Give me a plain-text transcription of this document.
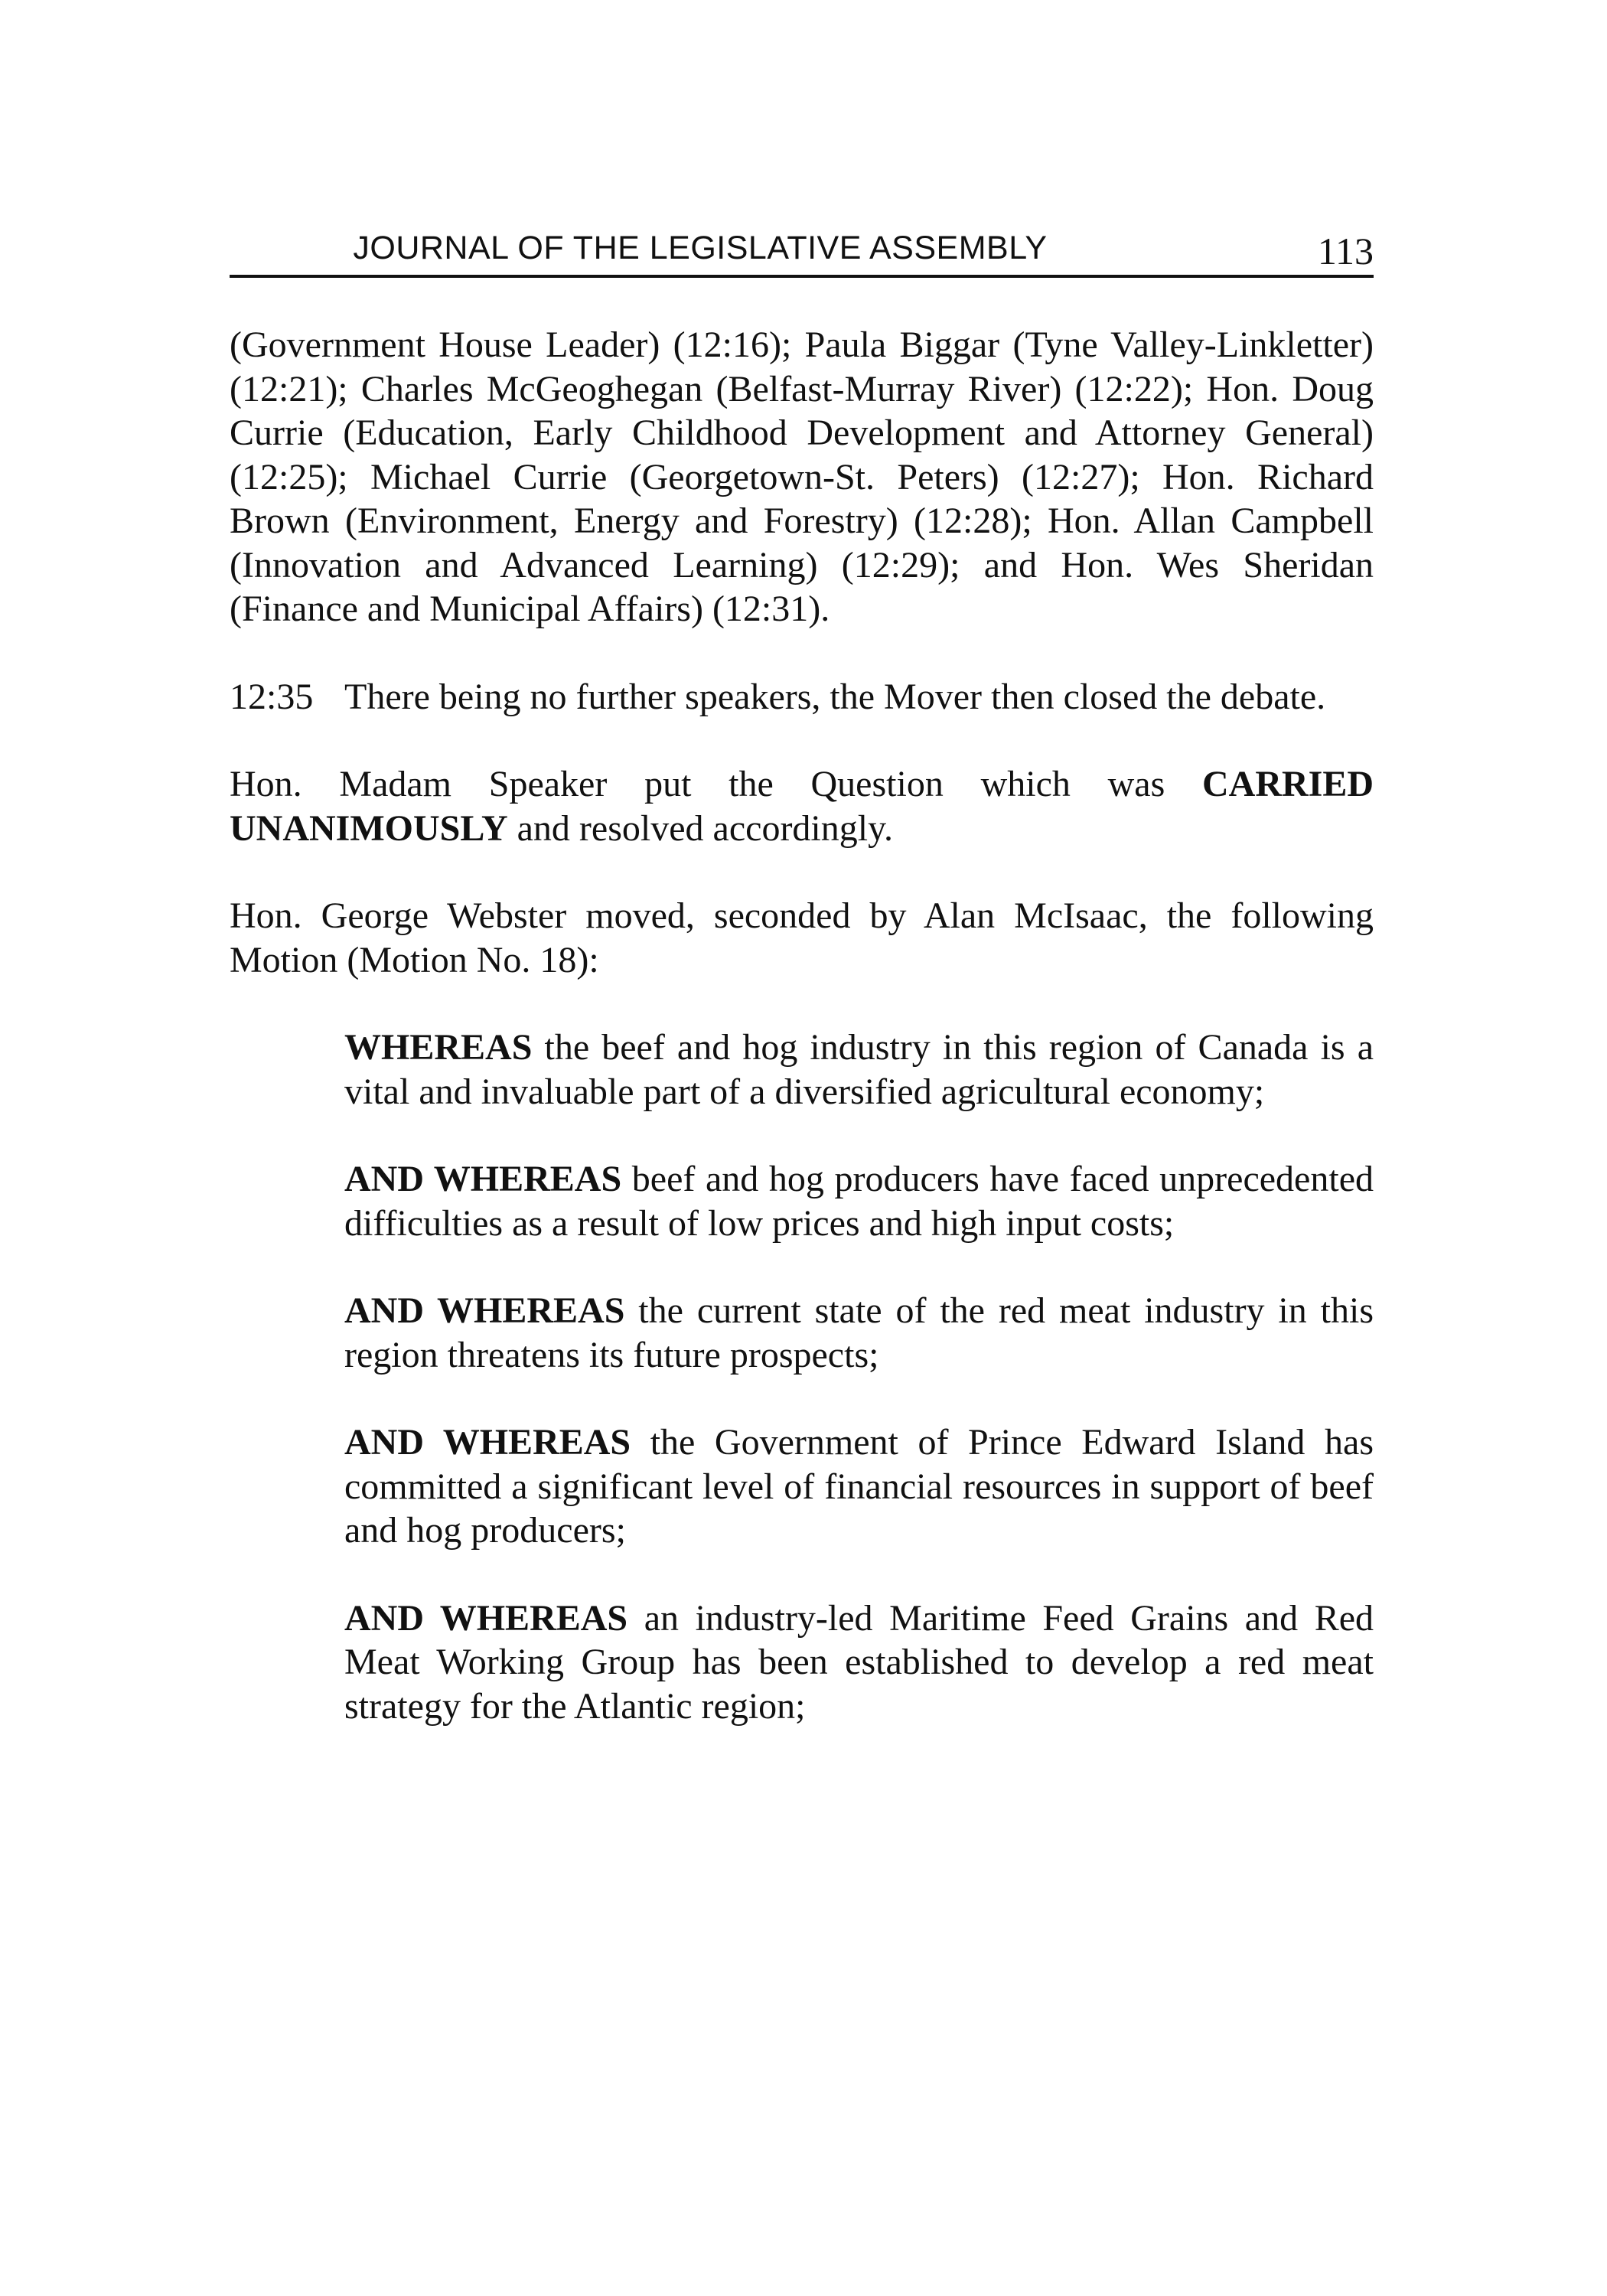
JOURNAL OF THE LEGISLATIVE ASSEMBLY	113

(Government House Leader) (12:16); Paula Biggar (Tyne Valley-Linkletter) (12:21); Charles McGeoghegan (Belfast-Murray River) (12:22); Hon. Doug Currie (Education, Early Childhood Development and Attorney General) (12:25); Michael Currie (Georgetown-St. Peters) (12:27); Hon. Richard Brown (Environment, Energy and Forestry) (12:28); Hon. Allan Campbell (Innovation and Advanced Learning) (12:29); and Hon. Wes Sheridan (Finance and Municipal Affairs) (12:31).

12:35 There being no further speakers, the Mover then closed the debate.

Hon. Madam Speaker put the Question which was CARRIED UNANIMOUSLY and resolved accordingly.

Hon. George Webster moved, seconded by Alan McIsaac, the following Motion (Motion No. 18):

WHEREAS the beef and hog industry in this region of Canada is a vital and invaluable part of a diversified agricultural economy;

AND WHEREAS beef and hog producers have faced unprecedented difficulties as a result of low prices and high input costs;

AND WHEREAS the current state of the red meat industry in this region threatens its future prospects;

AND WHEREAS the Government of Prince Edward Island has committed a significant level of financial resources in support of beef and hog producers;

AND WHEREAS an industry-led Maritime Feed Grains and Red Meat Working Group has been established to develop a red meat strategy for the Atlantic region;
